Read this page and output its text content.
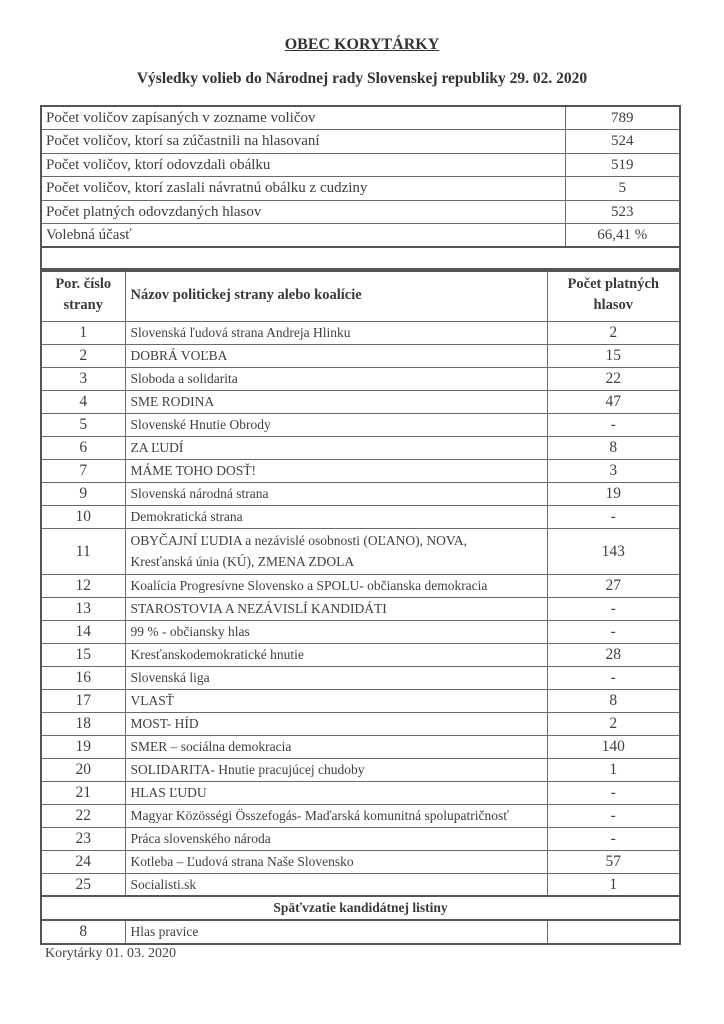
OBEC KORYTÁRKY
Výsledky volieb do Národnej rady Slovenskej republiky 29. 02. 2020
Počet voličov zapísaných v zozname voličov	789
Počet voličov, ktorí sa zúčastnili na hlasovaní	524
Počet voličov, ktorí odovzdali obálku	519
Počet voličov, ktorí zaslali návratnú obálku z cudziny	5
Počet platných odovzdaných hlasov	523
Volebná účasť	66,41 %

Por. číslo
strany	Názov politickej strany alebo koalície	Počet platných
hlasov
1	Slovenská ľudová strana Andreja Hlinku	2
2	DOBRÁ VOĽBA	15
3	Sloboda a solidarita	22
4	SME RODINA	47
5	Slovenské Hnutie Obrody	-
6	ZA ĽUDÍ	8
7	MÁME TOHO DOSŤ!	3
9	Slovenská národná strana	19
10	Demokratická strana	-
11	OBYČAJNÍ ĽUDIA a nezávislé osobnosti (OĽANO), NOVA,
Kresťanská únia (KÚ), ZMENA ZDOLA	143
12	Koalícia Progresívne Slovensko a SPOLU- občianska demokracia	27
13	STAROSTOVIA A NEZÁVISLÍ KANDIDÁTI	-
14	99 % - občiansky hlas	-
15	Kresťanskodemokratické hnutie	28
16	Slovenská liga	-
17	VLASŤ	8
18	MOST- HÍD	2
19	SMER – sociálna demokracia	140
20	SOLIDARITA- Hnutie pracujúcej chudoby	1
21	HLAS ĽUDU	-
22	Magyar Közösségi Összefogás- Maďarská komunitná spolupatričnosť	-
23	Práca slovenského národa	-
24	Kotleba – Ľudová strana Naše Slovensko	57
25	Socialisti.sk	1
Späťvzatie kandidátnej listiny
8	Hlas pravice	
Korytárky 01. 03. 2020
